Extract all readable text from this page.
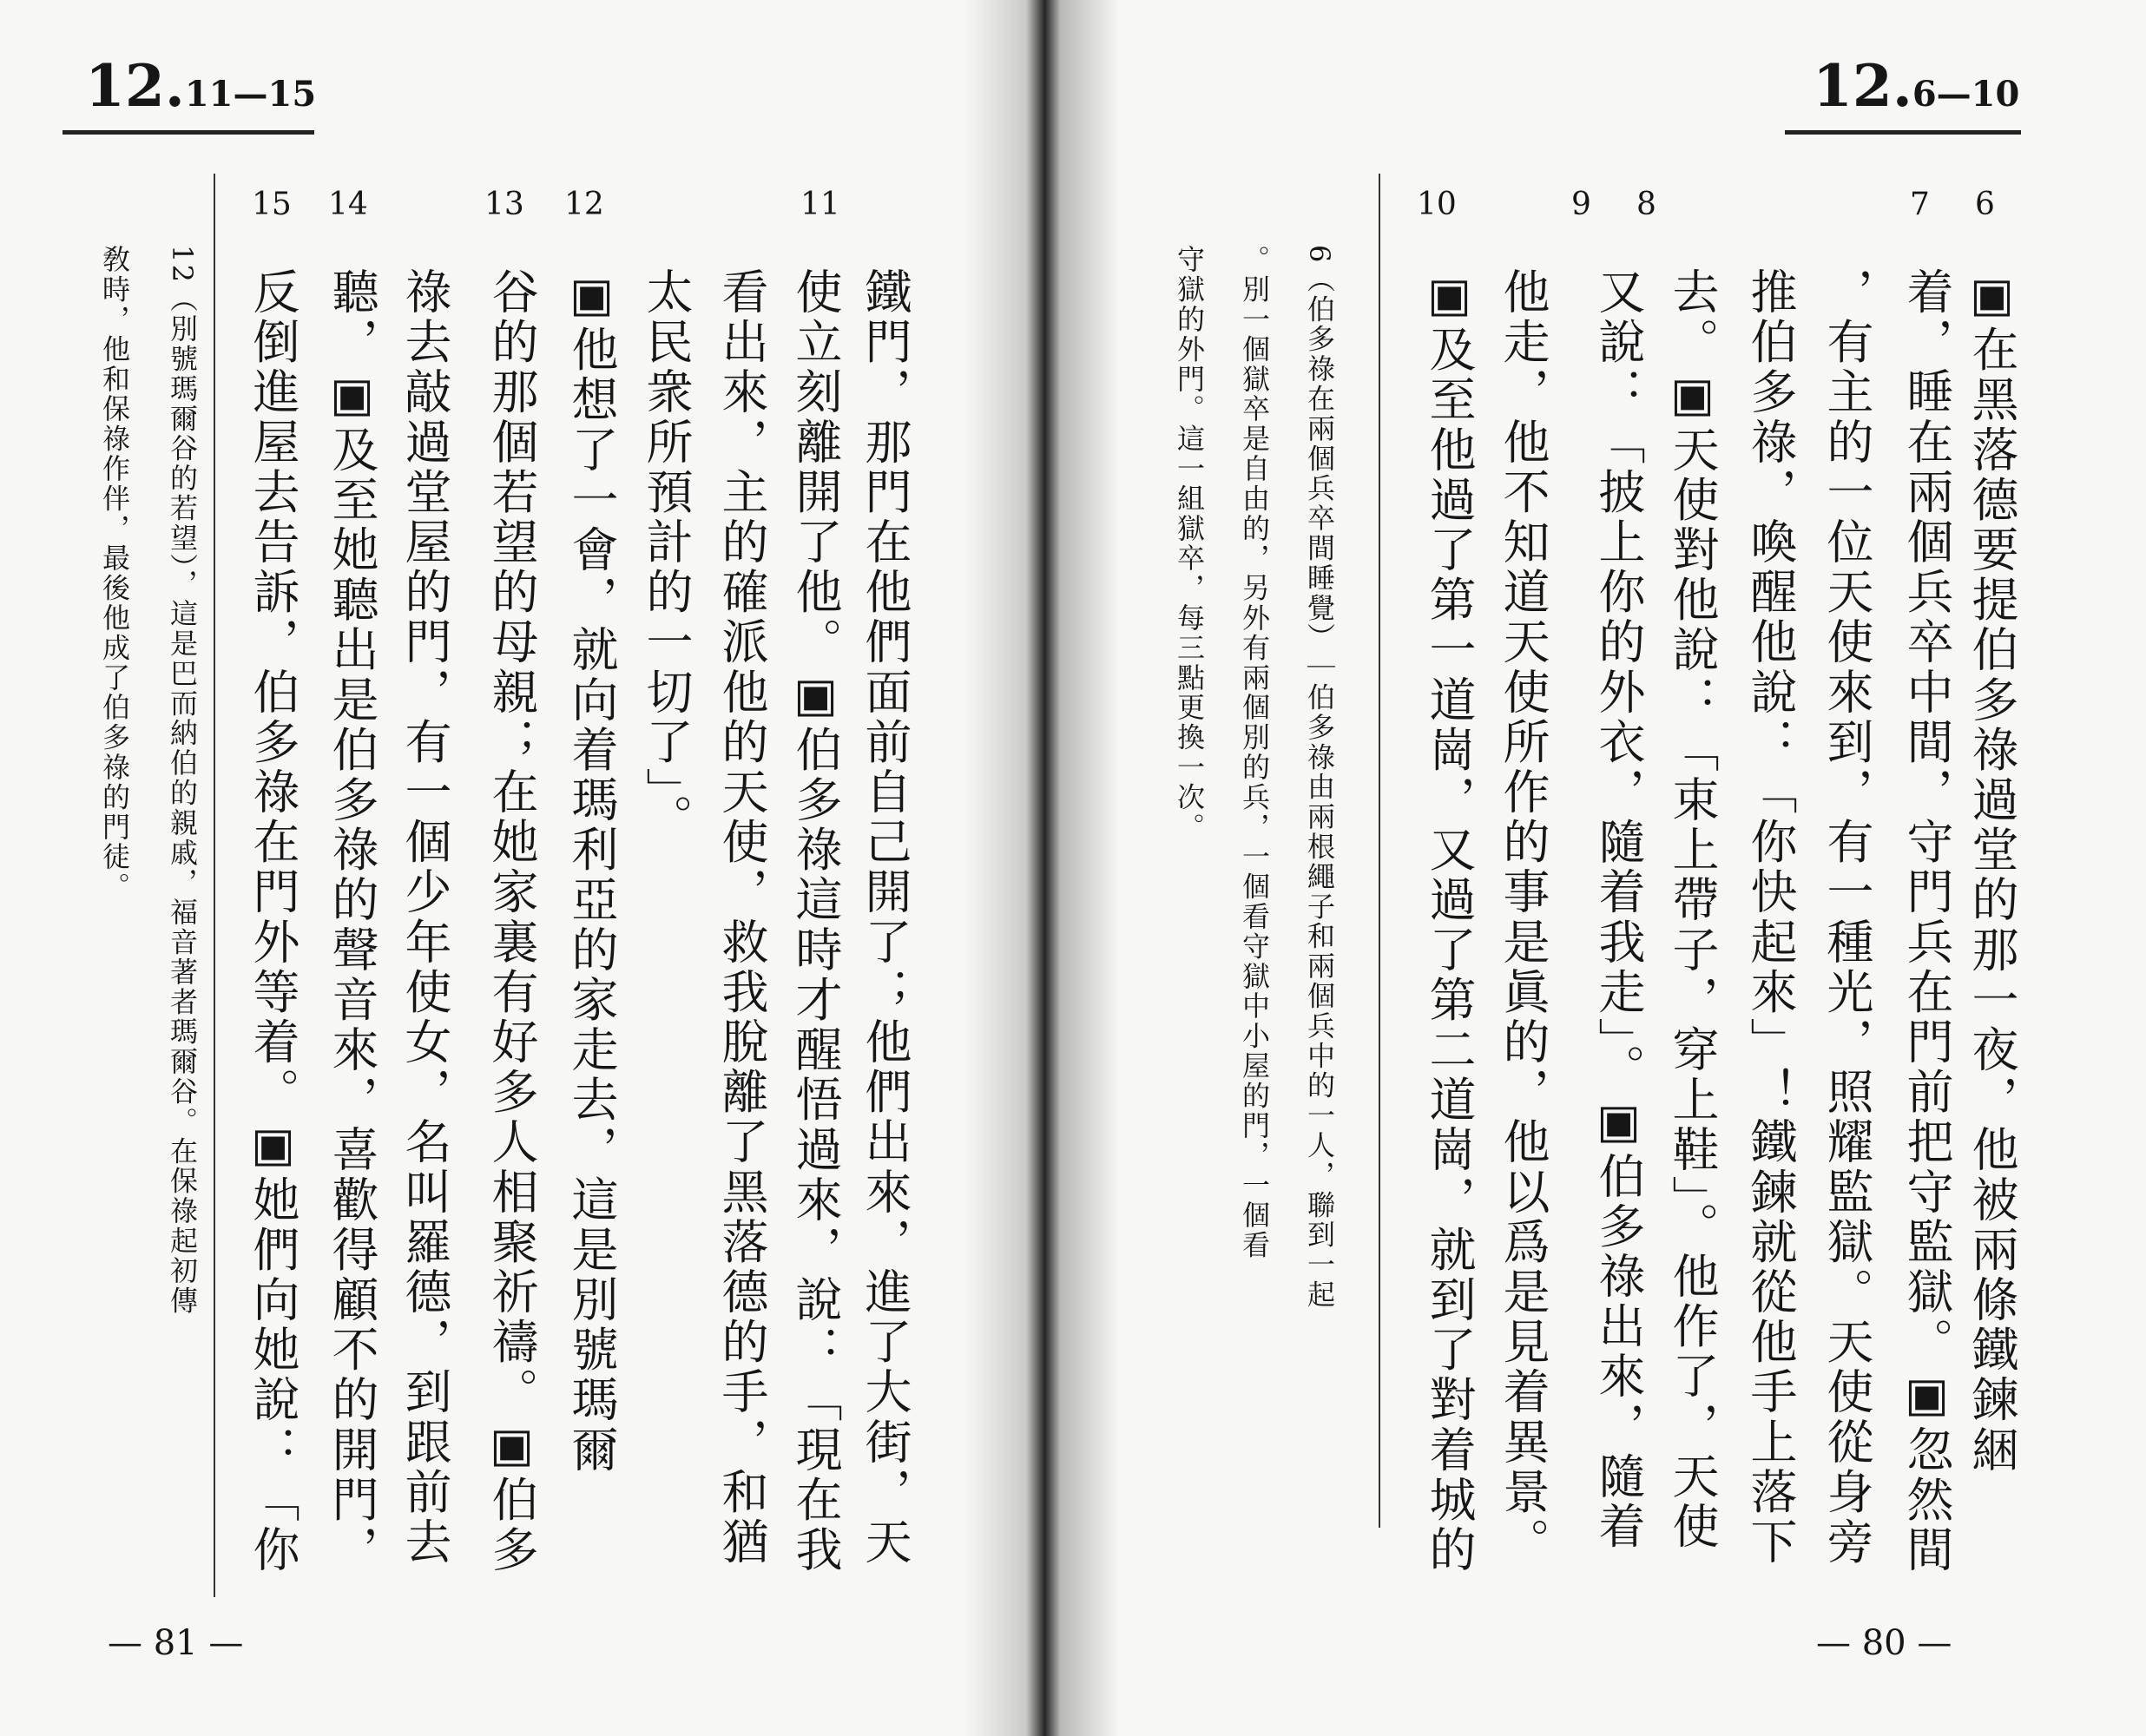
12.11—15
11
12
13
14
15
鐵門，那門在他們面前自己開了；他們出來，進了大街，天
使立刻離開了他。▣伯多祿這時才醒悟過來，說：「現在我
看出來，主的確派他的天使，救我脫離了黑落德的手，和猶
太民衆所預計的一切了」。
▣他想了一會，就向着瑪利亞的家走去，這是別號瑪爾
谷的那個若望的母親；在她家裏有好多人相聚祈禱。▣伯多
祿去敲過堂屋的門，有一個少年使女，名叫羅德，到跟前去
聽，▣及至她聽出是伯多祿的聲音來，喜歡得顧不的開門，
反倒進屋去告訴，伯多祿在門外等着。▣她們向她說：「你
12（別號瑪爾谷的若望），這是巴而納伯的親戚，福音著者瑪爾谷。在保祿起初傳
敎時，他和保祿作伴，最後他成了伯多祿的門徒。
— 81 —
12.6—10
6
7
8
9
10
▣在黑落德要提伯多祿過堂的那一夜，他被兩條鐵鍊綑
着，睡在兩個兵卒中間，守門兵在門前把守監獄。▣忽然間
，有主的一位天使來到，有一種光，照耀監獄。天使從身旁
推伯多祿，喚醒他說：「你快起來」！鐵鍊就從他手上落下
去。▣天使對他說：「束上帶子，穿上鞋」。他作了，天使
又說：「披上你的外衣，隨着我走」。▣伯多祿出來，隨着
他走，他不知道天使所作的事是眞的，他以爲是見着異景。
▣及至他過了第一道崗，又過了第二道崗，就到了對着城的
6（伯多祿在兩個兵卒間睡覺）｜伯多祿由兩根繩子和兩個兵中的一人，聯到一起
。別一個獄卒是自由的，另外有兩個別的兵，一個看守獄中小屋的門，一個看
守獄的外門。這一組獄卒，每三點更換一次。
— 80 —
